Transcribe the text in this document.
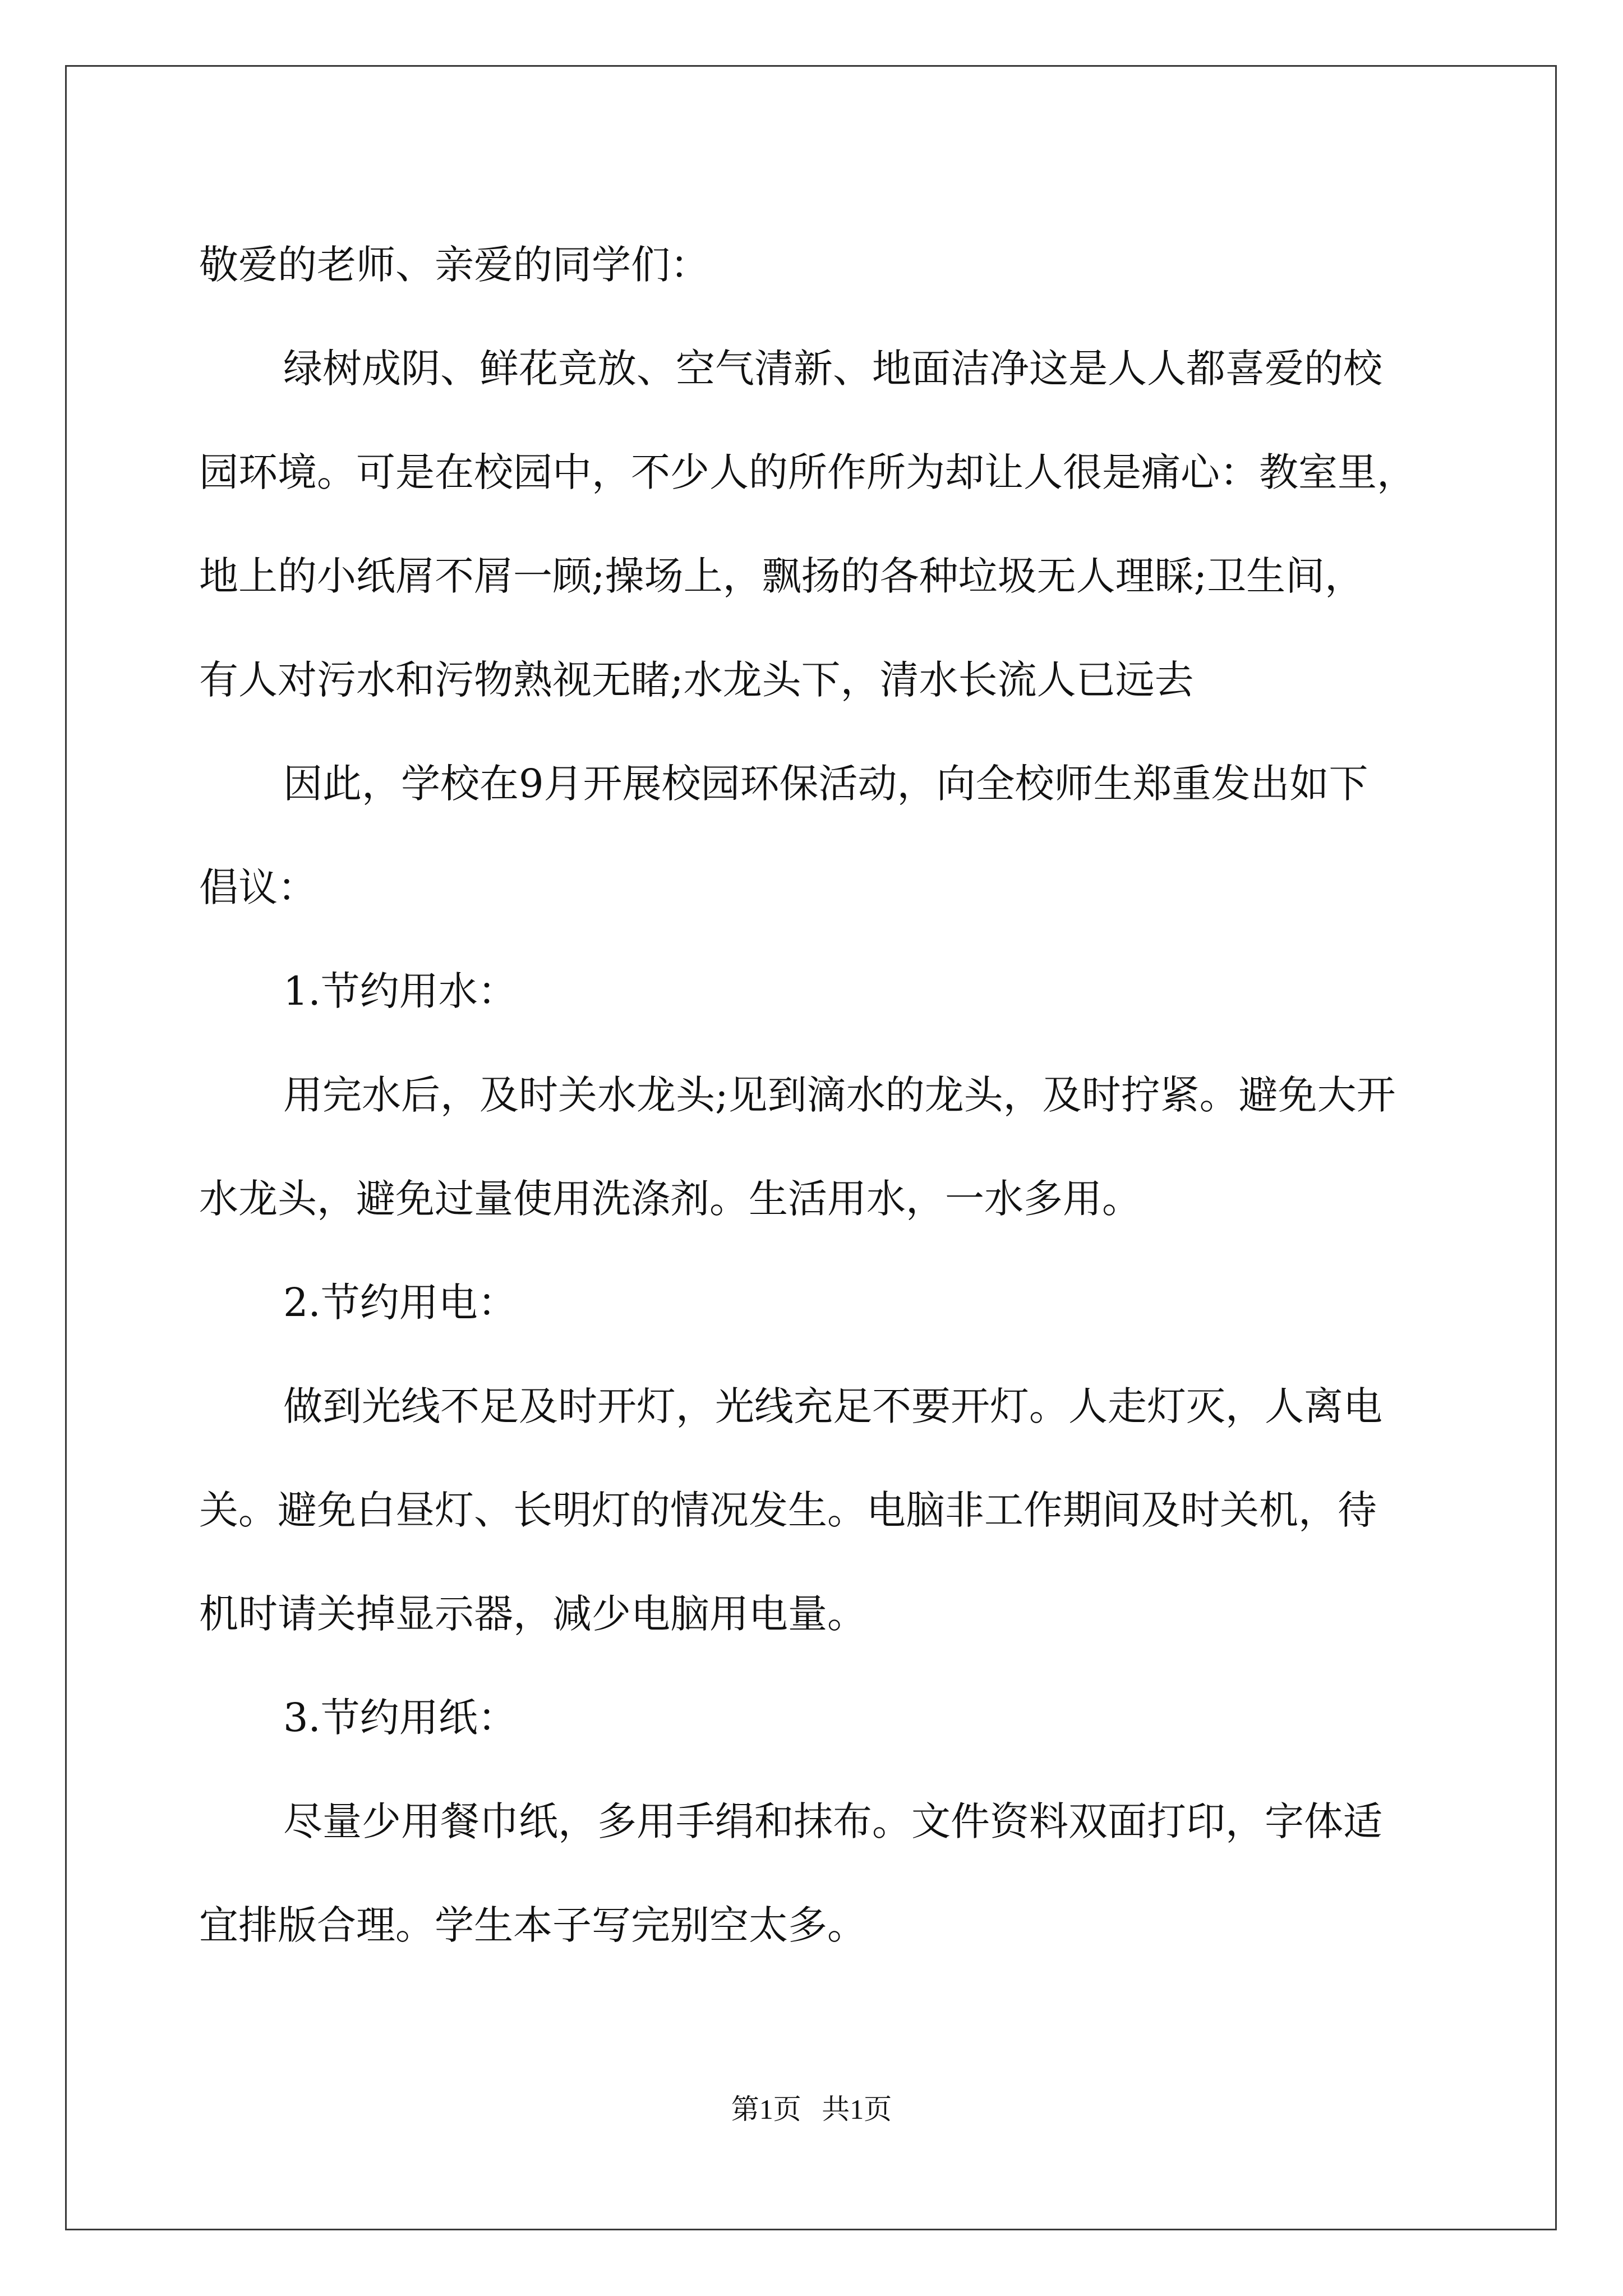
敬爱的老师、亲爱的同学们：

绿树成阴、鲜花竞放、空气清新、地面洁净这是人人都喜爱的校

园环境。可是在校园中，不少人的所作所为却让人很是痛心：教室里，

地上的小纸屑不屑一顾;操场上，飘扬的各种垃圾无人理睬;卫生间，

有人对污水和污物熟视无睹;水龙头下，清水长流人已远去

因此，学校在9月开展校园环保活动，向全校师生郑重发出如下

倡议：

1.节约用水：

用完水后，及时关水龙头;见到滴水的龙头，及时拧紧。避免大开

水龙头，避免过量使用洗涤剂。生活用水，一水多用。

2.节约用电：

做到光线不足及时开灯，光线充足不要开灯。人走灯灭，人离电

关。避免白昼灯、长明灯的情况发生。电脑非工作期间及时关机，待

机时请关掉显示器，减少电脑用电量。

3.节约用纸：

尽量少用餐巾纸，多用手绢和抹布。文件资料双面打印，字体适

宜排版合理。学生本子写完别空太多。

第1页 共1页
